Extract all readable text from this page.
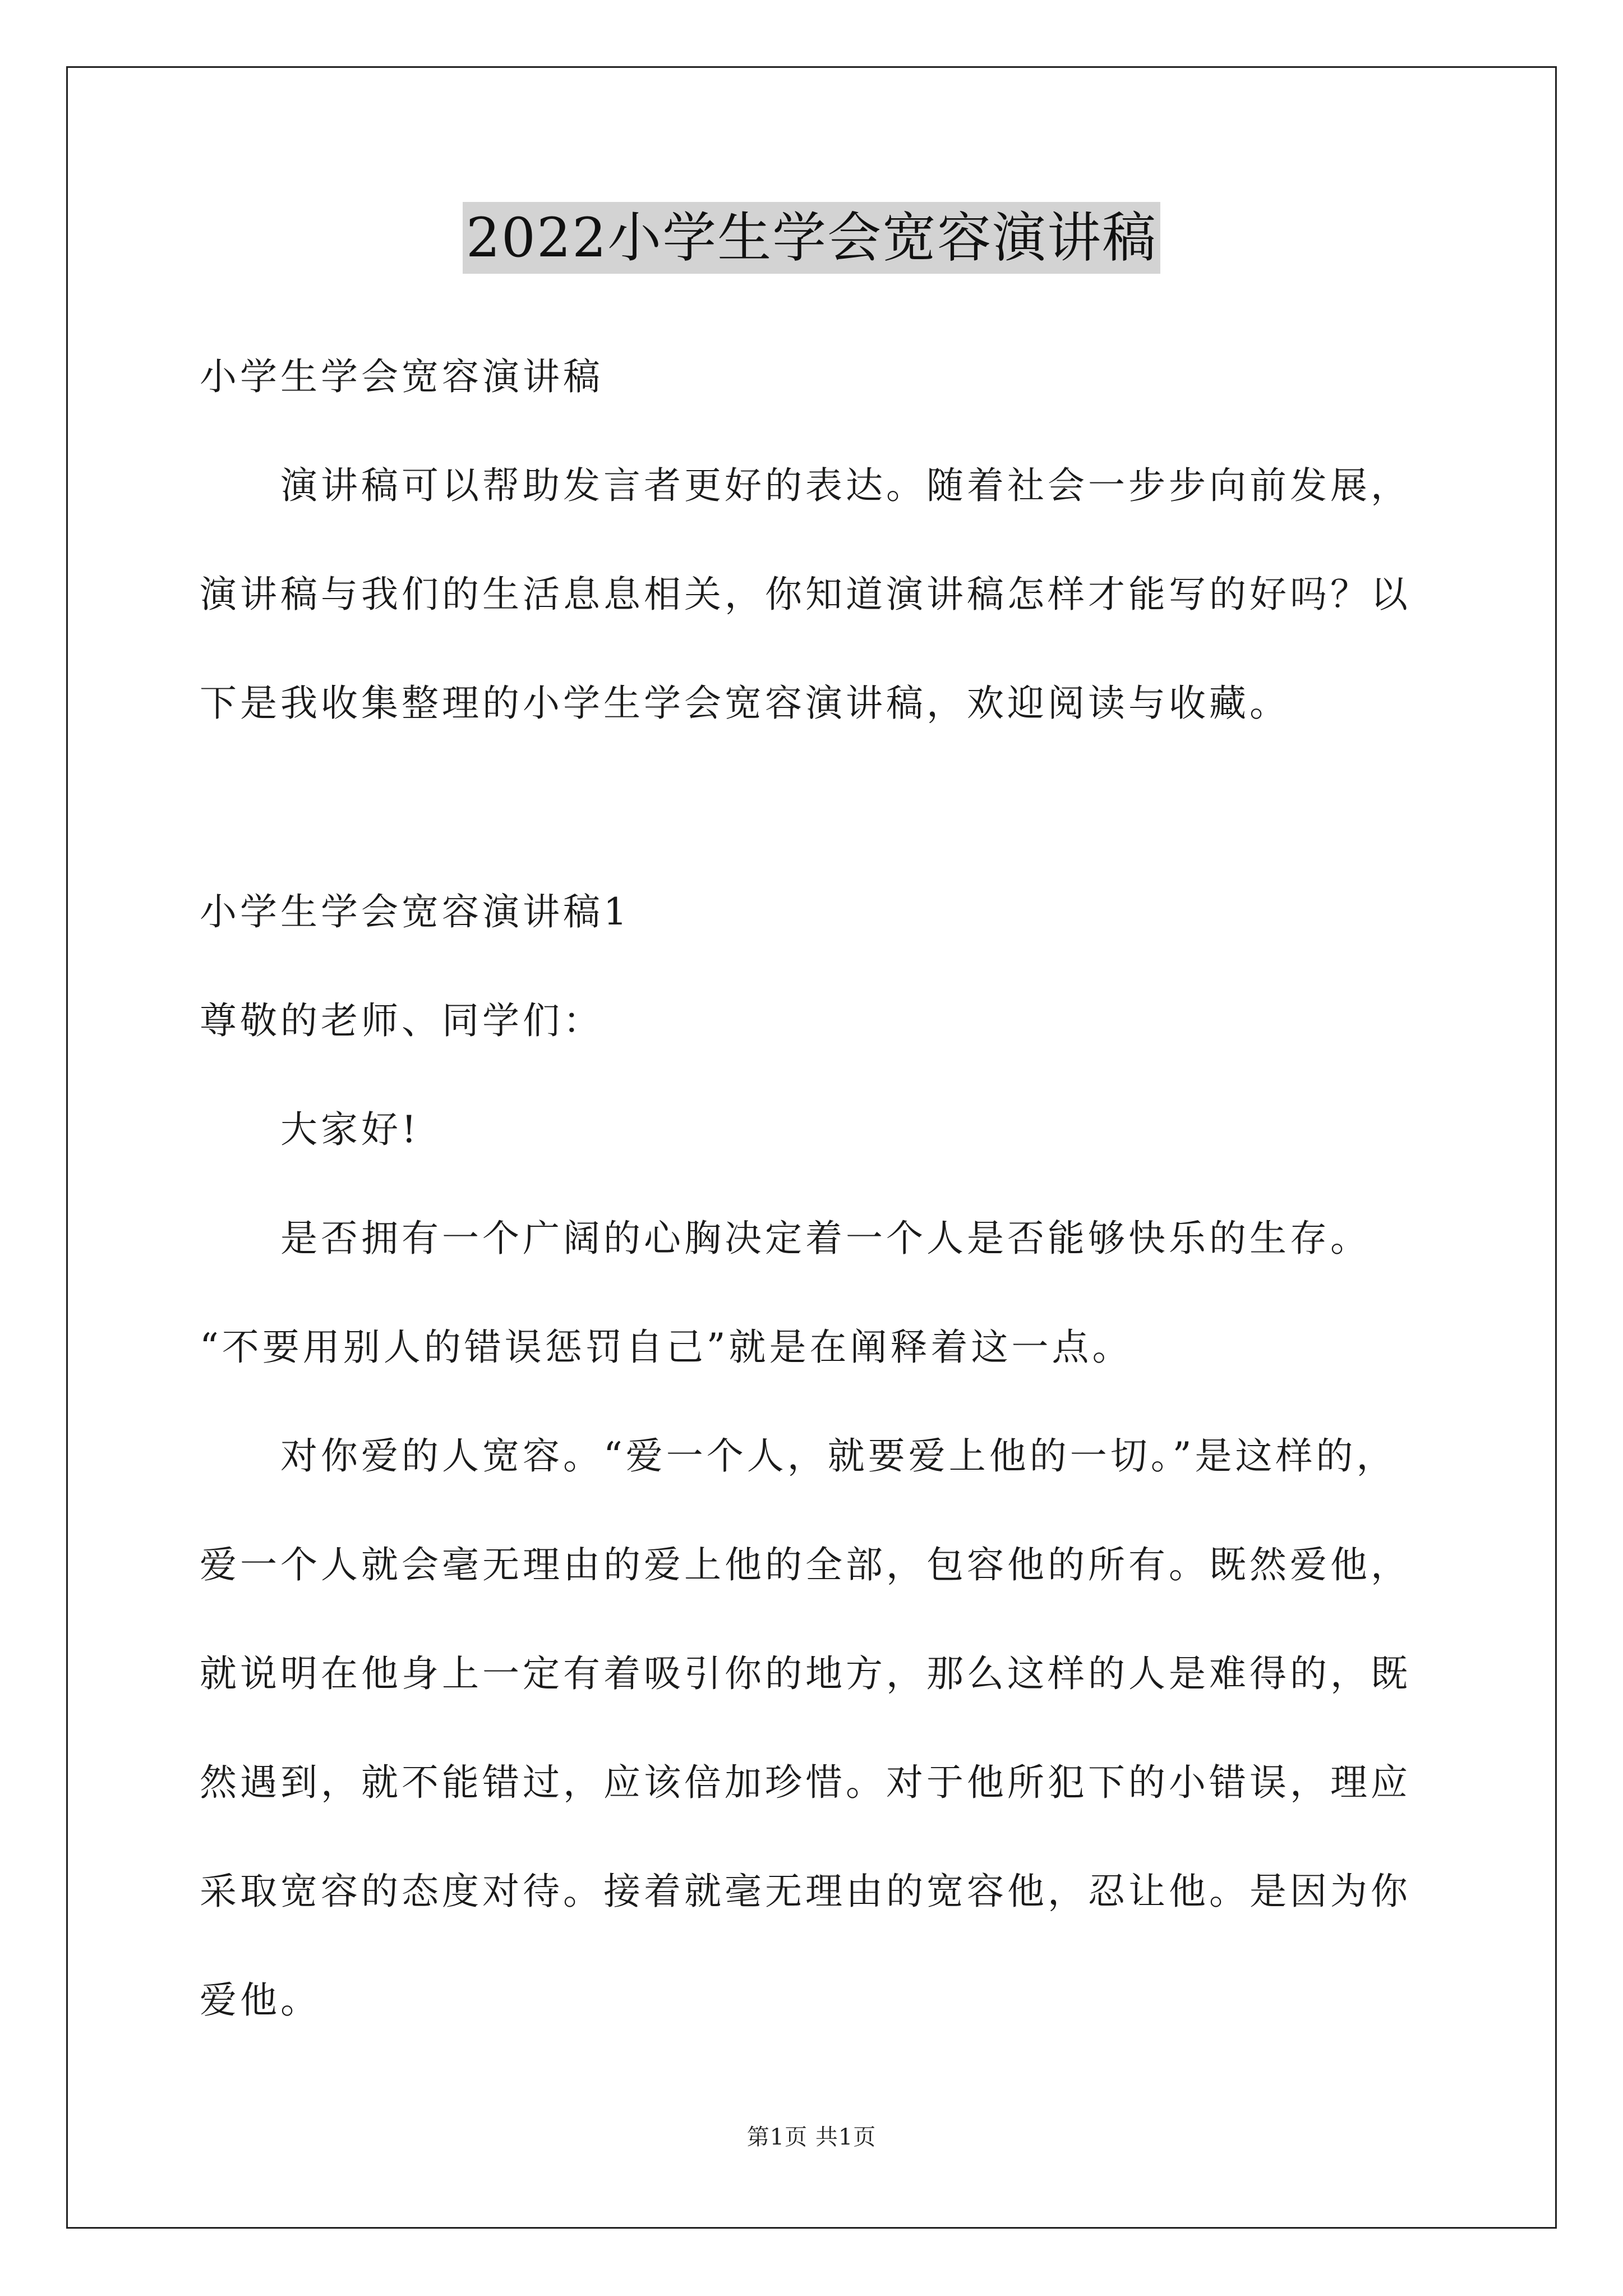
2022小学生学会宽容演讲稿
小学生学会宽容演讲稿
演讲稿可以帮助发言者更好的表达。随着社会一步步向前发展，
演讲稿与我们的生活息息相关，你知道演讲稿怎样才能写的好吗？以
下是我收集整理的小学生学会宽容演讲稿，欢迎阅读与收藏。
小学生学会宽容演讲稿1
尊敬的老师、同学们：
大家好!
是否拥有一个广阔的心胸决定着一个人是否能够快乐的生存。
“不要用别人的错误惩罚自己”就是在阐释着这一点。
对你爱的人宽容。“爱一个人，就要爱上他的一切。”是这样的，
爱一个人就会毫无理由的爱上他的全部，包容他的所有。既然爱他，
就说明在他身上一定有着吸引你的地方，那么这样的人是难得的，既
然遇到，就不能错过，应该倍加珍惜。对于他所犯下的小错误，理应
采取宽容的态度对待。接着就毫无理由的宽容他，忍让他。是因为你
爱他。
第1页 共1页
